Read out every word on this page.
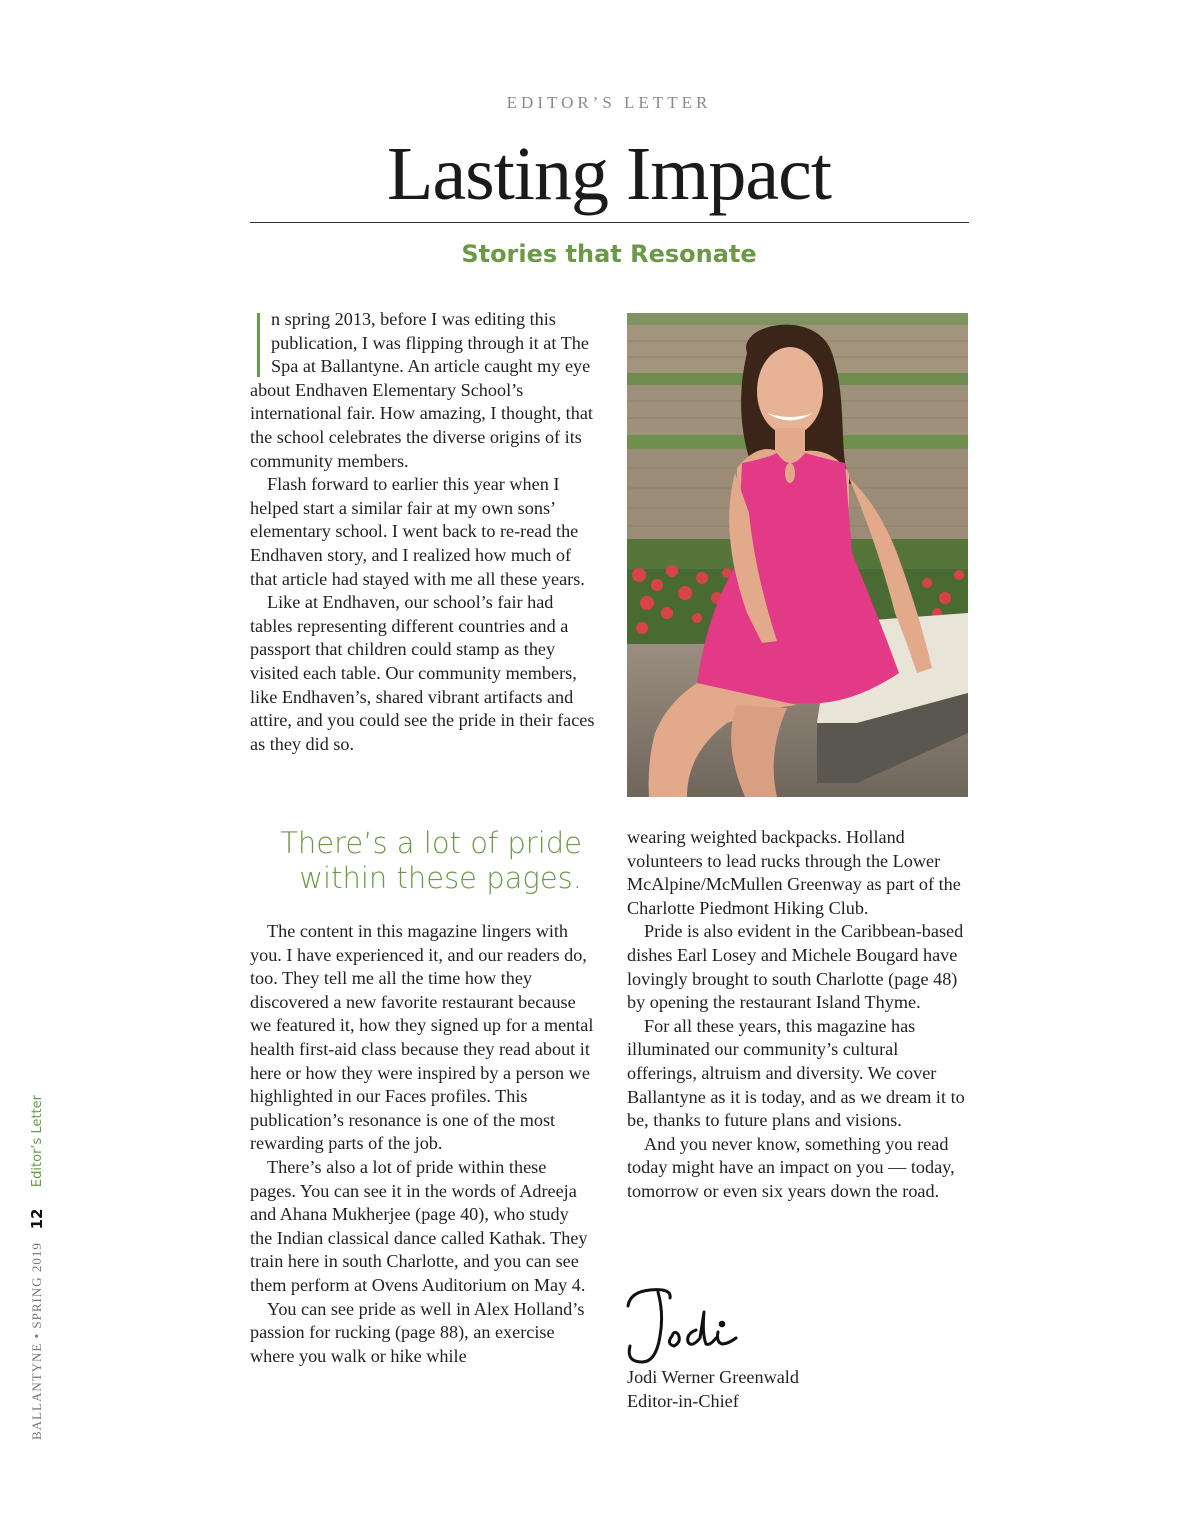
EDITOR’S LETTER
Lasting Impact
Stories that Resonate

n spring 2013, before I was editing this publication, I was flipping through it at The Spa at Ballantyne. An article caught my eye about Endhaven Elementary School’s international fair. How amazing, I thought, that the school celebrates the diverse origins of its community members.

Flash forward to earlier this year when I helped start a similar fair at my own sons’ elementary school. I went back to re-read the Endhaven story, and I realized how much of that article had stayed with me all these years.

Like at Endhaven, our school’s fair had tables representing different countries and a passport that children could stamp as they visited each table. Our community members, like Endhaven’s, shared vibrant artifacts and attire, and you could see the pride in their faces as they did so.

There’s a lot of pride
within these pages.

The content in this magazine lingers with you. I have experienced it, and our readers do, too. They tell me all the time how they discovered a new favorite restaurant because we featured it, how they signed up for a mental health first-aid class because they read about it here or how they were inspired by a person we highlighted in our Faces profiles. This publication’s resonance is one of the most rewarding parts of the job.

There’s also a lot of pride within these pages. You can see it in the words of Adreeja and Ahana Mukherjee (page 40), who study the Indian classical dance called Kathak. They train here in south Charlotte, and you can see them perform at Ovens Auditorium on May 4.

You can see pride as well in Alex Holland’s passion for rucking (page 88), an exercise where you walk or hike while

wearing weighted backpacks. Holland volunteers to lead rucks through the Lower McAlpine/McMullen Greenway as part of the Charlotte Piedmont Hiking Club.

Pride is also evident in the Caribbean-based dishes Earl Losey and Michele Bougard have lovingly brought to south Charlotte (page 48) by opening the restaurant Island Thyme.

For all these years, this magazine has illuminated our community’s cultural offerings, altruism and diversity. We cover Ballantyne as it is today, and as we dream it to be, thanks to future plans and visions.

And you never know, something you read today might have an impact on you — today, tomorrow or even six years down the road.

Jodi Werner Greenwald
Editor-in-Chief
BALLANTYNE • SPRING 2019
12
Editor’s Letter
